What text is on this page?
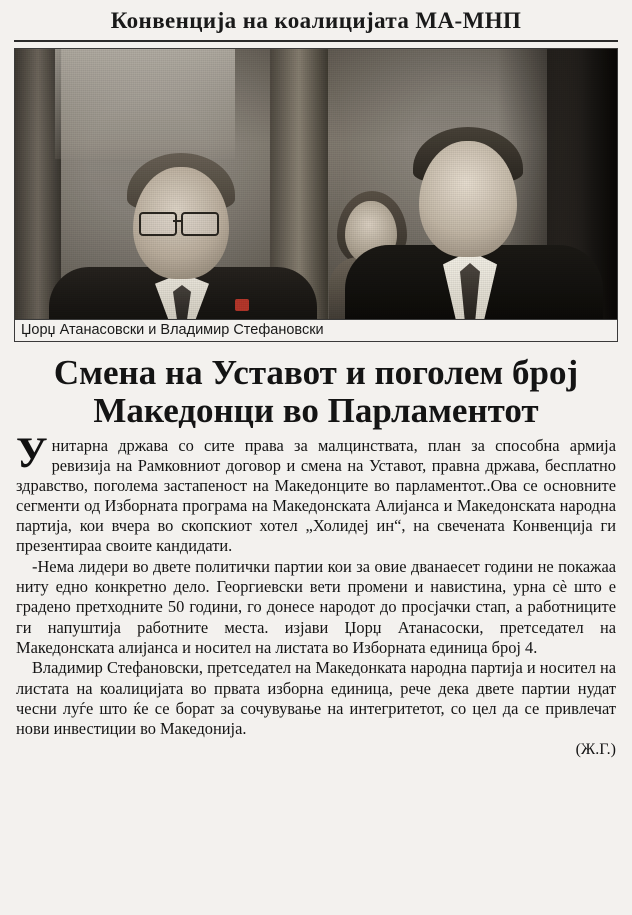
Конвенција на коалицијата МА-МНП
Џорџ Атанасовски и Владимир Стефановски
Смена на Уставот и поголем број
Македонци во Парламентот

Унитарна држава со сите права за малцинствата, план за способна армија ревизија на Рамковниот договор и смена на Уставот, правна држава, бесплатно здравство, поголема застапеност на Македонците во парламентот..Ова се основните сегменти од Изборната програма на Македонската Алијанса и Македонската народна партија, кои вчера во скопскиот хотел „Холидеј ин“, на свечената Конвенција ги презентираа своите кандидати.

-Нема лидери во двете политички партии кои за овие дванаесет години не покажаа ниту едно конкретно дело. Георгиевски вети промени и навистина, урна сè што е градено претходните 50 години, го донесе народот до просјачки стап, а работниците ги напуштија работните места. изјави Џорџ Атанасоски, претседател на Македонската алијанса и носител на листата во Изборната единица број 4.

Владимир Стефановски, претседател на Македонката народна партија и носител на листата на коалицијата во првата изборна единица, рече дека двете партии нудат чесни луѓе што ќе се борат за сочувување на интегритетот, со цел да се привлечат нови инвестиции во Македонија.

(Ж.Г.)
